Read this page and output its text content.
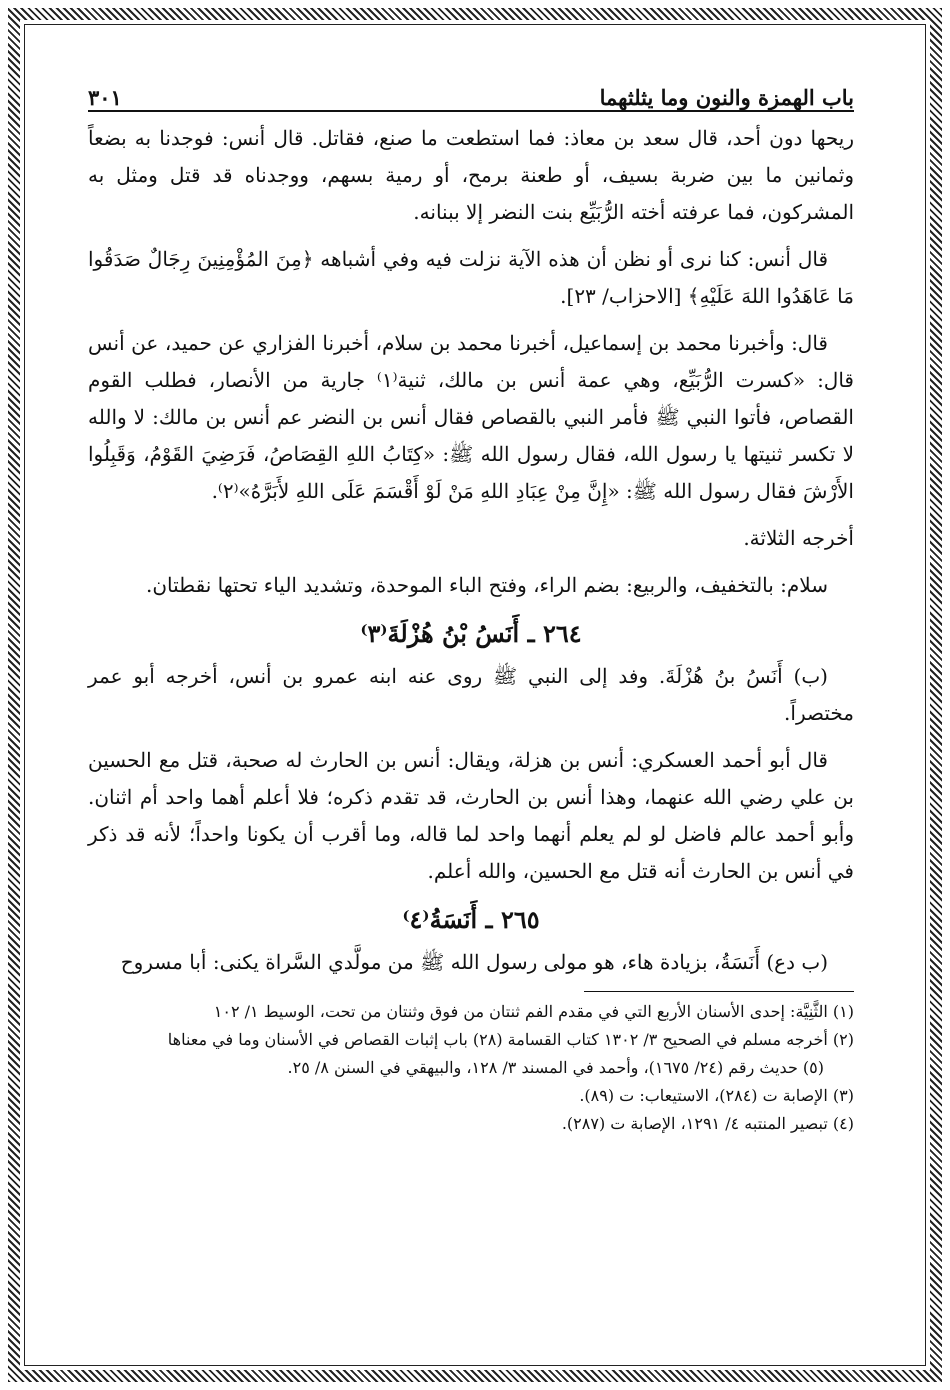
باب الهمزة والنون وما يثلثهما
٣٠١

ريحها دون أحد، قال سعد بن معاذ: فما استطعت ما صنع، فقاتل. قال أنس: فوجدنا به بضعاً وثمانين ما بين ضربة بسيف، أو طعنة برمح، أو رمية بسهم، ووجدناه قد قتل ومثل به المشركون، فما عرفته أخته الرُّبَيِّع بنت النضر إلا ببنانه.

قال أنس: كنا نرى أو نظن أن هذه الآية نزلت فيه وفي أشباهه ﴿مِنَ المُؤْمِنِينَ رِجَالٌ صَدَقُوا مَا عَاهَدُوا اللهَ عَلَيْهِ﴾ [الاحزاب/ ٢٣].

قال: وأخبرنا محمد بن إسماعيل، أخبرنا محمد بن سلام، أخبرنا الفزاري عن حميد، عن أنس قال: «كسرت الرُّبَيِّع، وهي عمة أنس بن مالك، ثنية⁽١⁾ جارية من الأنصار، فطلب القوم القصاص، فأتوا النبي ﷺ فأمر النبي بالقصاص فقال أنس بن النضر عم أنس بن مالك: لا والله لا تكسر ثنيتها يا رسول الله، فقال رسول الله ﷺ: «كِتَابُ اللهِ القِصَاصُ، فَرَضِيَ القَوْمُ، وَقَبِلُوا الأَرْشَ فقال رسول الله ﷺ: «إِنَّ مِنْ عِبَادِ اللهِ مَنْ لَوْ أَقْسَمَ عَلَى اللهِ لأَبَرَّهُ»⁽٢⁾.

أخرجه الثلاثة.

سلام: بالتخفيف، والربيع: بضم الراء، وفتح الباء الموحدة، وتشديد الياء تحتها نقطتان.

٢٦٤ ـ أَنَسُ بْنُ هُزْلَةَ⁽٣⁾

(ب) أَنَسُ بنُ هُزْلَةَ. وفد إلى النبي ﷺ روى عنه ابنه عمرو بن أنس، أخرجه أبو عمر مختصراً.

قال أبو أحمد العسكري: أنس بن هزلة، ويقال: أنس بن الحارث له صحبة، قتل مع الحسين بن علي رضي الله عنهما، وهذا أنس بن الحارث، قد تقدم ذكره؛ فلا أعلم أهما واحد أم اثنان. وأبو أحمد عالم فاضل لو لم يعلم أنهما واحد لما قاله، وما أقرب أن يكونا واحداً؛ لأنه قد ذكر في أنس بن الحارث أنه قتل مع الحسين، والله أعلم.

٢٦٥ ـ أَنَسَةُ⁽٤⁾

(ب دع) أَنَسَةُ، بزيادة هاء، هو مولى رسول الله ﷺ من مولَّدي السَّراة يكنى: أبا مسروح

(١) الثَّنِيَّة: إحدى الأسنان الأربع التي في مقدم الفم ثنتان من فوق وثنتان من تحت، الوسيط ١/ ١٠٢

(٢) أخرجه مسلم في الصحيح ٣/ ١٣٠٢ كتاب القسامة (٢٨) باب إثبات القصاص في الأسنان وما في معناها

(٥) حديث رقم (٢٤/ ١٦٧٥)، وأحمد في المسند ٣/ ١٢٨، والبيهقي في السنن ٨/ ٢٥.

(٣) الإصابة ت (٢٨٤)، الاستيعاب: ت (٨٩).

(٤) تبصير المنتبه ٤/ ١٢٩١، الإصابة ت (٢٨٧).
